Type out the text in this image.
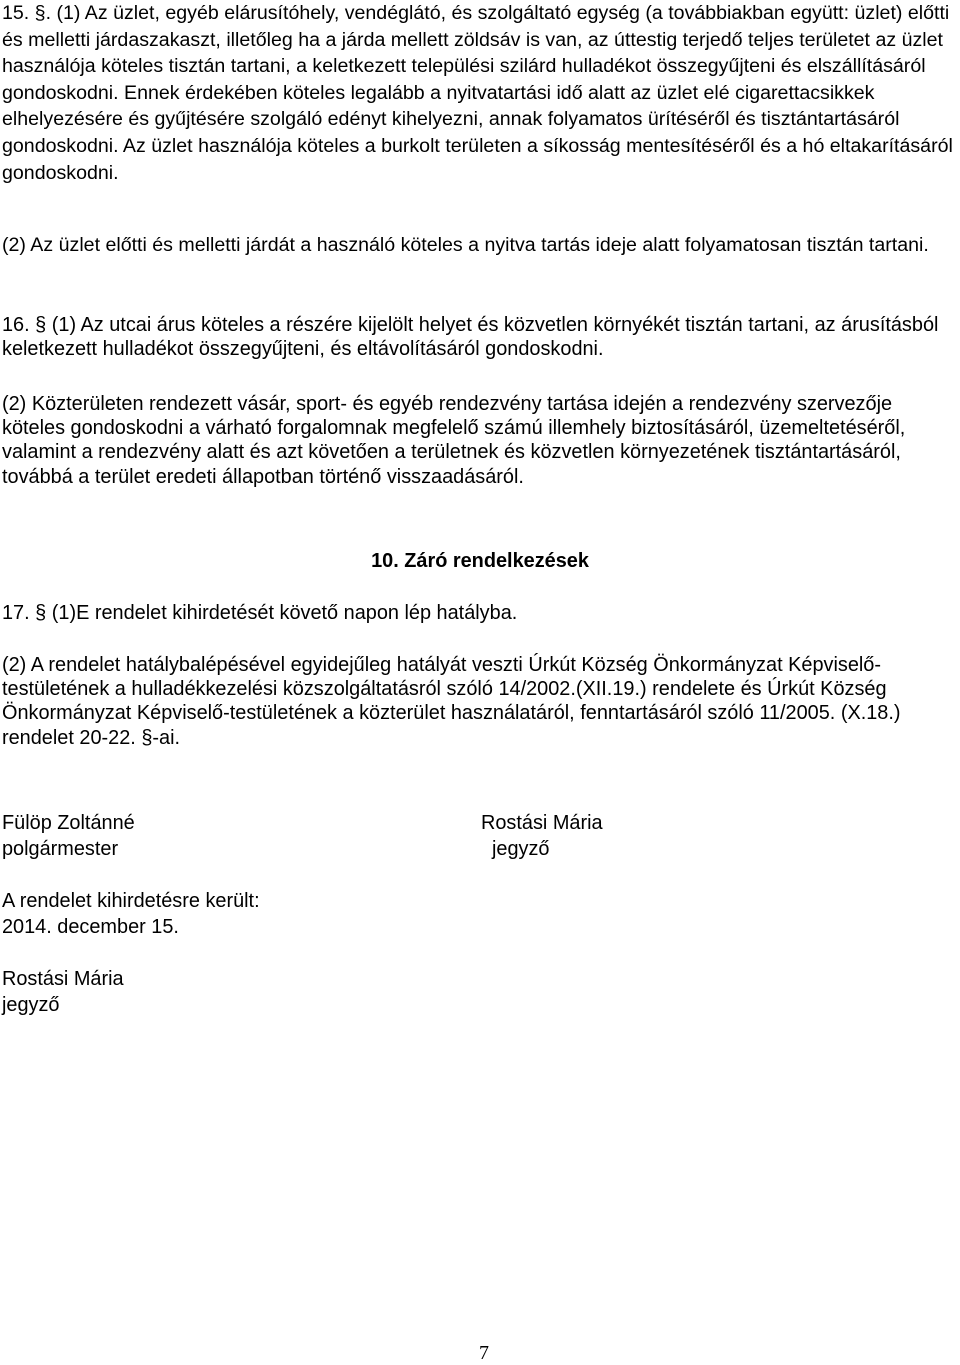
15. §. (1) Az üzlet, egyéb elárusítóhely, vendéglátó, és szolgáltató egység (a továbbiakban együtt: üzlet) előtti és melletti járdaszakaszt, illetőleg ha a járda mellett zöldsáv is van, az úttestig terjedő teljes területet az üzlet használója köteles tisztán tartani, a keletkezett települési szilárd hulladékot összegyűjteni és elszállításáról gondoskodni. Ennek érdekében köteles legalább a nyitvatartási idő alatt az üzlet elé cigarettacsikkek elhelyezésére és gyűjtésére szolgáló edényt kihelyezni, annak folyamatos ürítéséről és tisztántartásáról gondoskodni. Az üzlet használója köteles a burkolt területen a síkosság mentesítéséről és a hó eltakarításáról gondoskodni.

(2) Az üzlet előtti és melletti járdát a használó köteles a nyitva tartás ideje alatt folyamatosan tisztán tartani.

16. § (1) Az utcai árus köteles a részére kijelölt helyet és közvetlen környékét tisztán tartani, az árusításból keletkezett hulladékot összegyűjteni, és eltávolításáról gondoskodni.

(2) Közterületen rendezett vásár, sport- és egyéb rendezvény tartása idején a rendezvény szervezője köteles gondoskodni a várható forgalomnak megfelelő számú illemhely biztosításáról, üzemeltetéséről, valamint a rendezvény alatt és azt követően a területnek és közvetlen környezetének tisztántartásáról, továbbá a terület eredeti állapotban történő visszaadásáról.

10. Záró rendelkezések

17. § (1)E rendelet kihirdetését követő napon lép hatályba.

(2) A rendelet hatálybalépésével egyidejűleg hatályát veszti Úrkút Község Önkormányzat Képviselő-testületének a hulladékkezelési közszolgáltatásról szóló 14/2002.(XII.19.) rendelete és Úrkút Község Önkormányzat Képviselő-testületének a közterület használatáról, fenntartásáról szóló 11/2005. (X.18.) rendelet 20-22. §-ai.

Fülöp Zoltánné

polgármester

Rostási Mária

jegyző

A rendelet kihirdetésre került:

2014. december 15.

Rostási Mária

jegyző

7
